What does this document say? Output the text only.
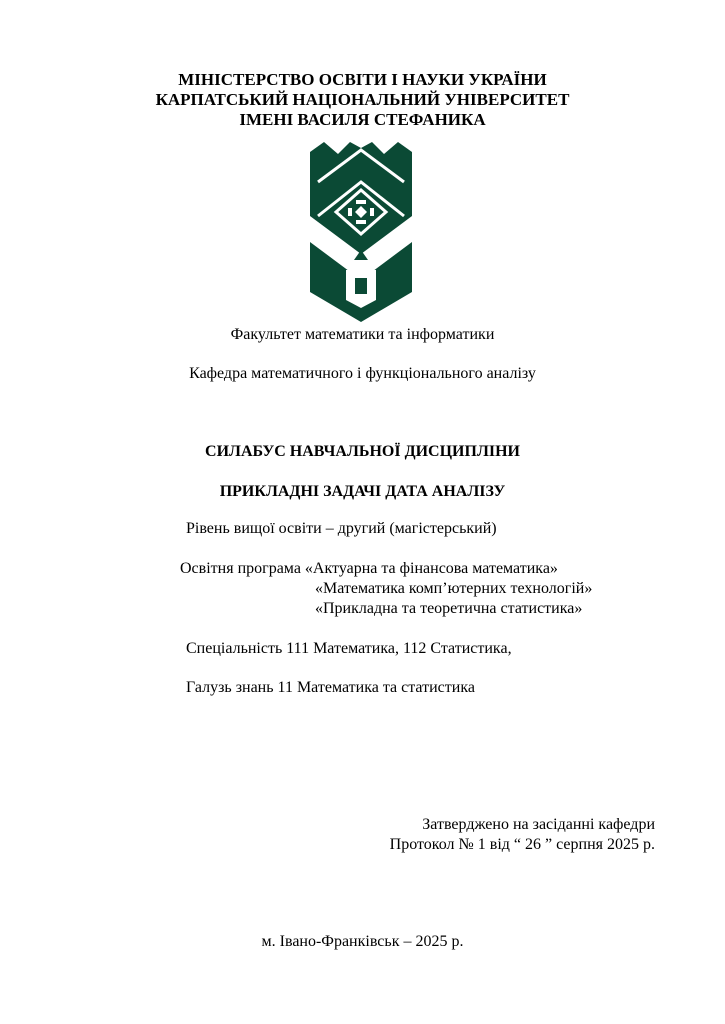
МІНІСТЕРСТВО ОСВІТИ І НАУКИ УКРАЇНИ
КАРПАТСЬКИЙ НАЦІОНАЛЬНИЙ УНІВЕРСИТЕТ
ІМЕНІ ВАСИЛЯ СТЕФАНИКА
Факультет математики та інформатики
Кафедра математичного і функціонального аналізу
СИЛАБУС НАВЧАЛЬНОЇ ДИСЦИПЛІНИ
ПРИКЛАДНІ ЗАДАЧІ ДАТА АНАЛІЗУ
Рівень вищої освіти – другий (магістерський)
Освітня програма «Актуарна та фінансова математика»
«Математика комп’ютерних технологій»
«Прикладна та теоретична статистика»
Спеціальність 111 Математика, 112 Статистика,
Галузь знань 11 Математика та статистика
Затверджено на засіданні кафедри
Протокол № 1 від “ 26 ” серпня 2025 р.
м. Івано-Франківськ – 2025 р.
